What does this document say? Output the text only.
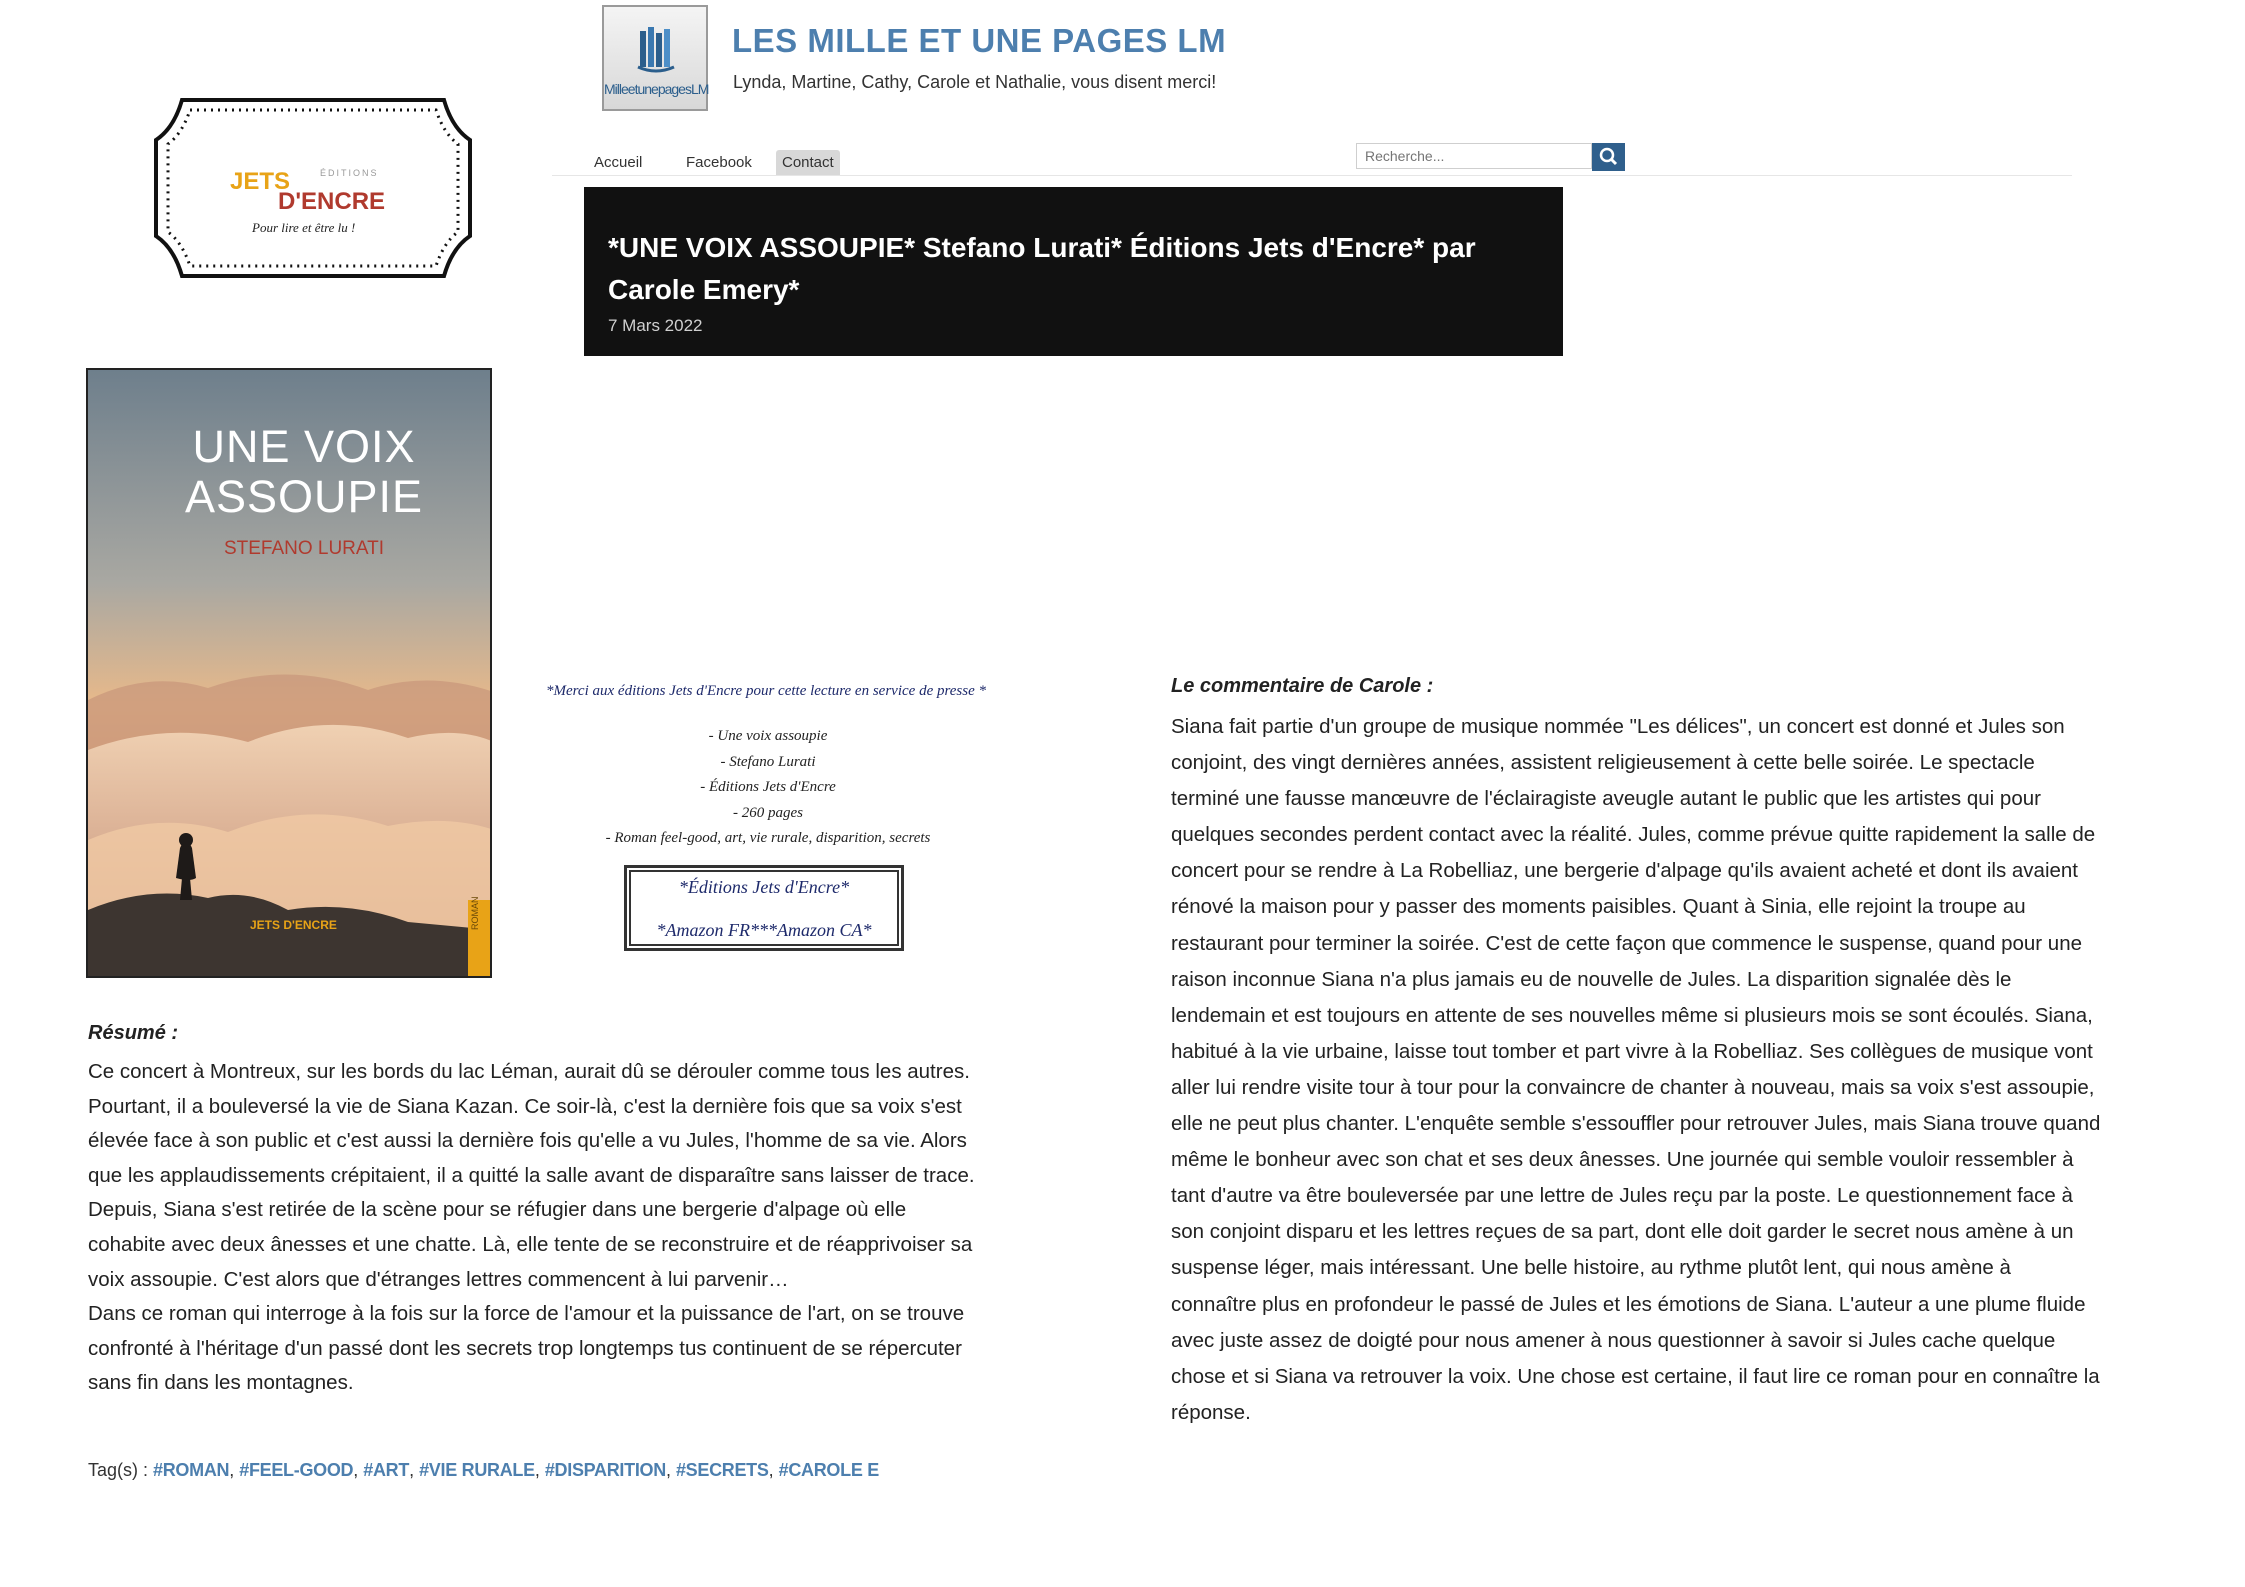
JETS	ÉDITIONS
D'ENCRE
Pour lire et être lu !
MilleetunepagesLM
LES MILLE ET UNE PAGES LM
Lynda, Martine, Cathy, Carole et Nathalie, vous disent merci!
Accueil	Facebook	Contact
Recherche...
*UNE VOIX ASSOUPIE* Stefano Lurati* Éditions Jets d'Encre* par Carole Emery*
7 Mars 2022
UNE VOIX
ASSOUPIE
STEFANO LURATI
JETS D'ENCRE	ROMAN
*Merci aux éditions Jets d'Encre pour cette lecture en service de presse *
- Une voix assoupie
- Stefano Lurati
- Éditions Jets d'Encre
- 260 pages
- Roman feel-good, art, vie rurale, disparition, secrets
*Éditions Jets d'Encre*
*Amazon FR***Amazon CA*
Résumé :

Ce concert à Montreux, sur les bords du lac Léman, aurait dû se dérouler comme tous les autres. Pourtant, il a bouleversé la vie de Siana Kazan. Ce soir-là, c'est la dernière fois que sa voix s'est élevée face à son public et c'est aussi la dernière fois qu'elle a vu Jules, l'homme de sa vie. Alors que les applaudissements crépitaient, il a quitté la salle avant de disparaître sans laisser de trace.

Depuis, Siana s'est retirée de la scène pour se réfugier dans une bergerie d'alpage où elle cohabite avec deux ânesses et une chatte. Là, elle tente de se reconstruire et de réapprivoiser sa voix assoupie. C'est alors que d'étranges lettres commencent à lui parvenir…

Dans ce roman qui interroge à la fois sur la force de l'amour et la puissance de l'art, on se trouve confronté à l'héritage d'un passé dont les secrets trop longtemps tus continuent de se répercuter sans fin dans les montagnes.

Tag(s) : #ROMAN, #FEEL-GOOD, #ART, #VIE RURALE, #DISPARITION, #SECRETS, #CAROLE E
Le commentaire de Carole :
Siana fait partie d'un groupe de musique nommée "Les délices", un concert est donné et Jules son conjoint, des vingt dernières années, assistent religieusement à cette belle soirée. Le spectacle terminé une fausse manœuvre de l'éclairagiste aveugle autant le public que les artistes qui pour quelques secondes perdent contact avec la réalité. Jules, comme prévue quitte rapidement la salle de concert pour se rendre à La Robelliaz, une bergerie d'alpage qu'ils avaient acheté et dont ils avaient rénové la maison pour y passer des moments paisibles. Quant à Sinia, elle rejoint la troupe au restaurant pour terminer la soirée. C'est de cette façon que commence le suspense, quand pour une raison inconnue Siana n'a plus jamais eu de nouvelle de Jules. La disparition signalée dès le lendemain et est toujours en attente de ses nouvelles même si plusieurs mois se sont écoulés. Siana, habitué à la vie urbaine, laisse tout tomber et part vivre à la Robelliaz. Ses collègues de musique vont aller lui rendre visite tour à tour pour la convaincre de chanter à nouveau, mais sa voix s'est assoupie, elle ne peut plus chanter. L'enquête semble s'essouffler pour retrouver Jules, mais Siana trouve quand même le bonheur avec son chat et ses deux ânesses. Une journée qui semble vouloir ressembler à tant d'autre va être bouleversée par une lettre de Jules reçu par la poste. Le questionnement face à son conjoint disparu et les lettres reçues de sa part, dont elle doit garder le secret nous amène à un suspense léger, mais intéressant. Une belle histoire, au rythme plutôt lent, qui nous amène à connaître plus en profondeur le passé de Jules et les émotions de Siana. L'auteur a une plume fluide avec juste assez de doigté pour nous amener à nous questionner à savoir si Jules cache quelque chose et si Siana va retrouver la voix. Une chose est certaine, il faut lire ce roman pour en connaître la réponse.
